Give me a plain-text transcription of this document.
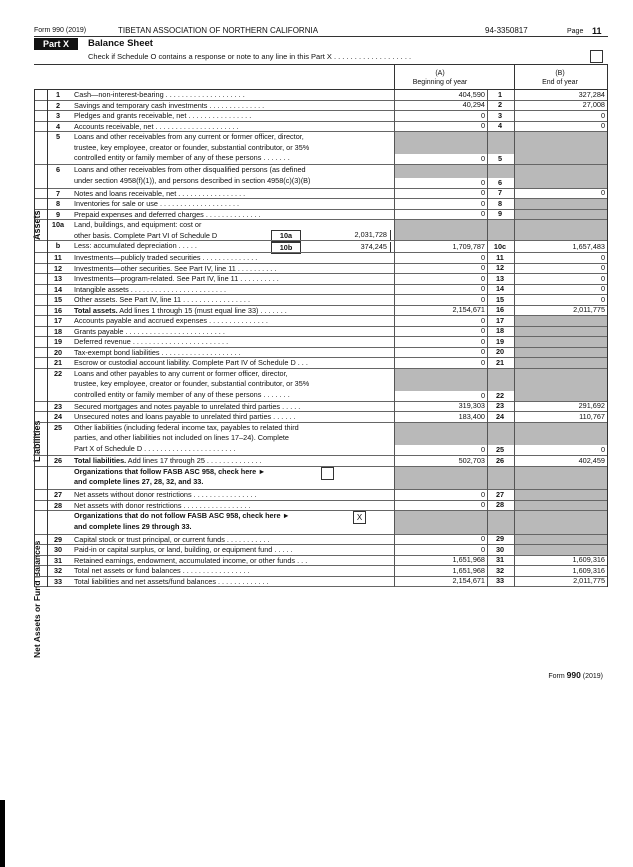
Form 990 (2019)	TIBETAN ASSOCIATION OF NORTHERN CALIFORNIA	94-3350817	Page 11
Part X	Balance Sheet
Check if Schedule O contains a response or note to any line in this Part X . . . . . . . . . . . . . . . . . . .
(A)
Beginning of year
(B)
End of year
Assets
Liabilities
Net Assets or Fund Balances
1	Cash—non-interest-bearing . . . . . . . . . . . . . . . . . . . .	404,590	1	327,284
2	Savings and temporary cash investments . . . . . . . . . . . . . .	40,294	2	27,008
3	Pledges and grants receivable, net . . . . . . . . . . . . . . . .	0	3	0
4	Accounts receivable, net . . . . . . . . . . . . . . . . . . . . .	0	4	0
5	Loans and other receivables from any current or former officer, director,
trustee, key employee, creator or founder, substantial contributor, or 35%
controlled entity or family member of any of these persons . . . . . . .	0	5
6	Loans and other receivables from other disqualified persons (as defined
under section 4958(f)(1)), and persons described in section 4958(c)(3)(B)	0	6
7	Notes and loans receivable, net . . . . . . . . . . . . . . . . .	0	7	0
8	Inventories for sale or use . . . . . . . . . . . . . . . . . . . .	0	8
9	Prepaid expenses and deferred charges . . . . . . . . . . . . . .	0	9
10a	Land, buildings, and equipment: cost or
other basis. Complete Part VI of Schedule D	10a	2,031,728
b	Less: accumulated depreciation . . . . .	10b	374,245	1,709,787	10c	1,657,483
11	Investments—publicly traded securities . . . . . . . . . . . . . .	0	11	0
12	Investments—other securities. See Part IV, line 11 . . . . . . . . . .	0	12	0
13	Investments—program-related. See Part IV, line 11 . . . . . . . . . .	0	13	0
14	Intangible assets . . . . . . . . . . . . . . . . . . . . . . . .	0	14	0
15	Other assets. See Part IV, line 11 . . . . . . . . . . . . . . . . .	0	15	0
16	Total assets. Add lines 1 through 15 (must equal line 33) . . . . . . .	2,154,671	16	2,011,775
17	Accounts payable and accrued expenses . . . . . . . . . . . . . . .	0	17
18	Grants payable . . . . . . . . . . . . . . . . . . . . . . . . .	0	18
19	Deferred revenue . . . . . . . . . . . . . . . . . . . . . . . .	0	19
20	Tax-exempt bond liabilities . . . . . . . . . . . . . . . . . . . .	0	20
21	Escrow or custodial account liability. Complete Part IV of Schedule D . . .	0	21
22	Loans and other payables to any current or former officer, director,
trustee, key employee, creator or founder, substantial contributor, or 35%
controlled entity or family member of any of these persons . . . . . . .	0	22
23	Secured mortgages and notes payable to unrelated third parties . . . . .	319,303	23	291,692
24	Unsecured notes and loans payable to unrelated third parties . . . . . .	183,400	24	110,767
25	Other liabilities (including federal income tax, payables to related third
parties, and other liabilities not included on lines 17–24). Complete
Part X of Schedule D . . . . . . . . . . . . . . . . . . . . . . .	0	25	0
26	Total liabilities. Add lines 17 through 25 . . . . . . . . . . . . . .	502,703	26	402,459
Organizations that follow FASB ASC 958, check here ►
and complete lines 27, 28, 32, and 33.
27	Net assets without donor restrictions . . . . . . . . . . . . . . . .	0	27
28	Net assets with donor restrictions . . . . . . . . . . . . . . . . .	0	28
Organizations that do not follow FASB ASC 958, check here ►
and complete lines 29 through 33.
X
29	Capital stock or trust principal, or current funds . . . . . . . . . . .	0	29
30	Paid-in or capital surplus, or land, building, or equipment fund . . . . .	0	30
31	Retained earnings, endowment, accumulated income, or other funds . . .	1,651,968	31	1,609,316
32	Total net assets or fund balances . . . . . . . . . . . . . . . . .	1,651,968	32	1,609,316
33	Total liabilities and net assets/fund balances . . . . . . . . . . . . .	2,154,671	33	2,011,775
Form 990 (2019)
